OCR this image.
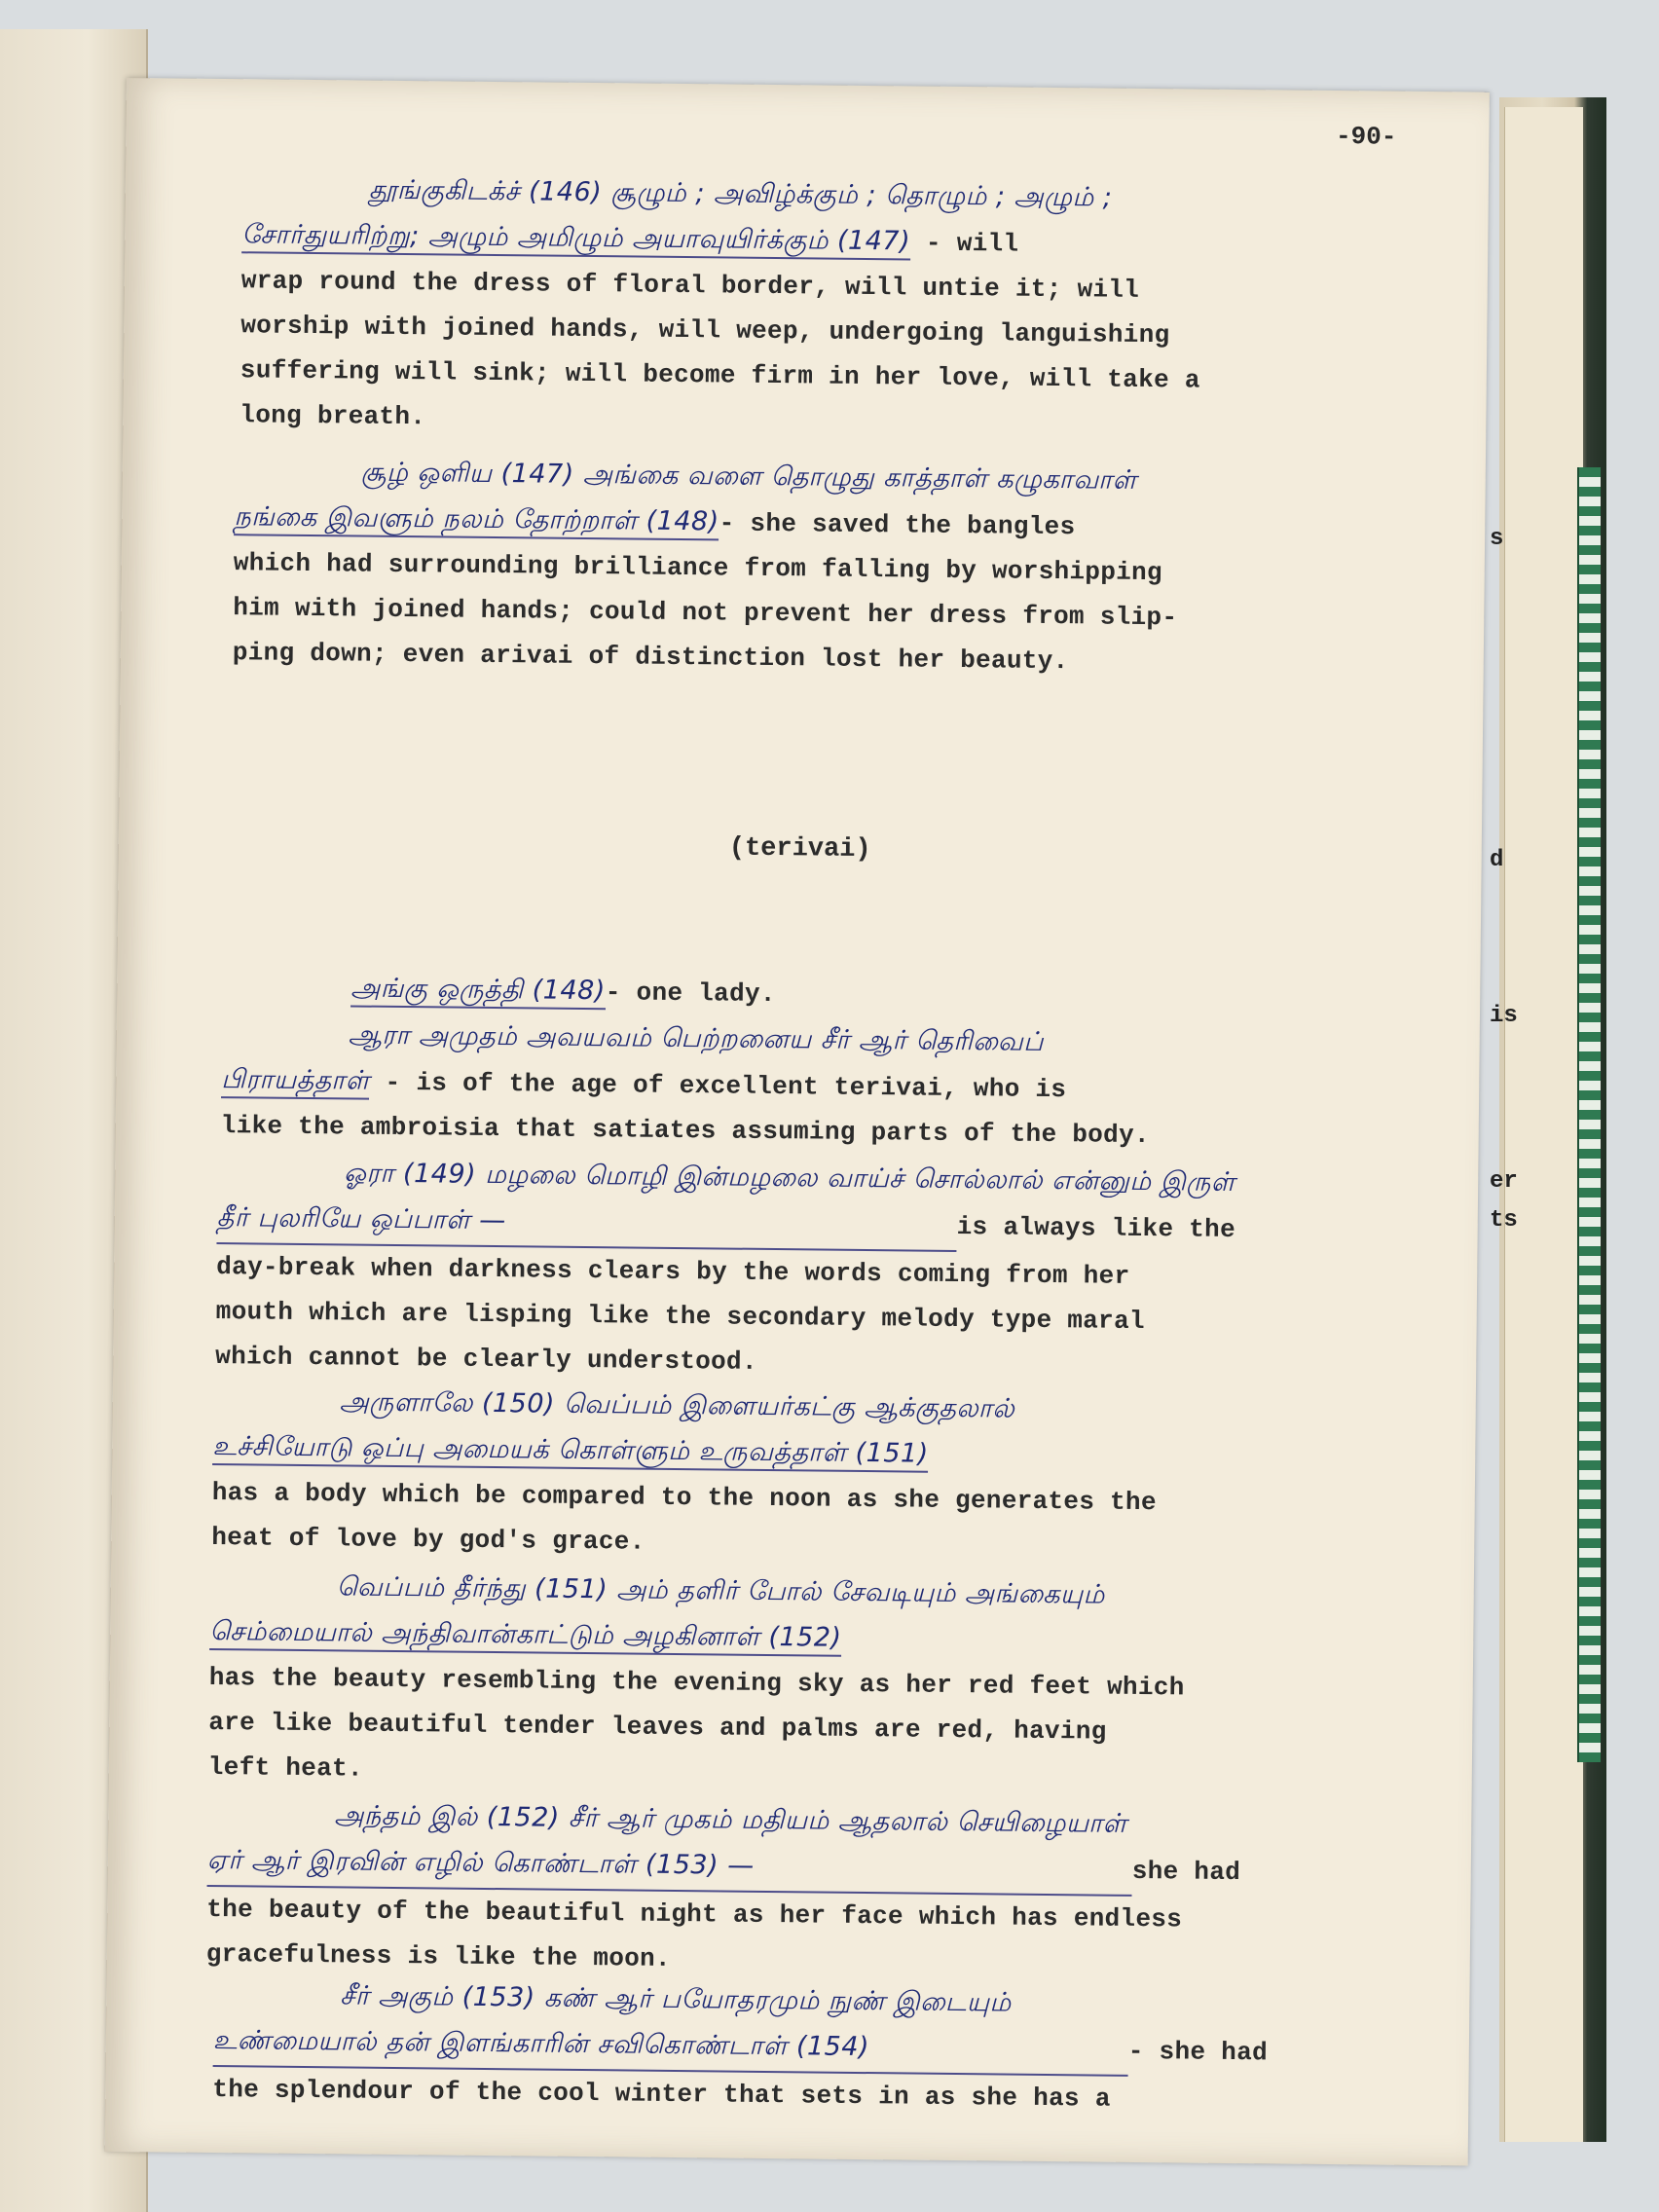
s
d
is
er
ts
-90-
தூங்குகிடக்ச் (146) சூழும் ; அவிழ்க்கும் ; தொழும் ; அழும் ;
சோர்துயரிற்று; அழும் அமிழும் அயாவுயிர்க்கும் (147) - will
wrap round the dress of floral border, will untie it; will
worship with joined hands, will weep, undergoing languishing
suffering will sink; will become firm in her love, will take a
long breath.
சூழ் ஒளிய (147) அங்கை வளை தொழுது காத்தாள் கழுகாவாள்
நங்கை இவளும் நலம் தோற்றாள் (148)- she saved the bangles
which had surrounding brilliance from falling by worshipping
him with joined hands; could not prevent her dress from slip-
ping down; even arivai of distinction lost her beauty.
(terivai)
அங்கு ஒருத்தி (148)- one lady.
ஆரா அமுதம் அவயவம் பெற்றனைய சீர் ஆர் தெரிவைப்
பிராயத்தாள் - is of the age of excellent terivai, who is
like the ambroisia that satiates assuming parts of the body.
ஓரா (149) மழலை மொழி இன்மழலை வாய்ச் சொல்லால் என்னும் இருள்
தீர் புலரியே ஒப்பாள் —	is always like the
day-break when darkness clears by the words coming from her
mouth which are lisping like the secondary melody type maral
which cannot be clearly understood.
அருளாலே (150) வெப்பம் இளையர்கட்கு ஆக்குதலால்
உச்சியோடு ஒப்பு அமையக் கொள்ளும் உருவத்தாள் (151)
has a body which be compared to the noon as she generates the
heat of love by god's grace.
வெப்பம் தீர்ந்து (151) அம் தளிர் போல் சேவடியும் அங்கையும்
செம்மையால் அந்திவான்காட்டும் அழகினாள் (152)
has the beauty resembling the evening sky as her red feet which
are like beautiful tender leaves and palms are red, having
left heat.
அந்தம் இல் (152) சீர் ஆர் முகம் மதியம் ஆதலால் செயிழையாள்
ஏர் ஆர் இரவின் எழில் கொண்டாள் (153) —	she had
the beauty of the beautiful night as her face which has endless
gracefulness is like the moon.
சீர் அகும் (153) கண் ஆர் பயோதரமும் நுண் இடையும்
உண்மையால் தன் இளங்காரின் சவிகொண்டாள் (154)	- she had
the splendour of the cool winter that sets in as she has a
